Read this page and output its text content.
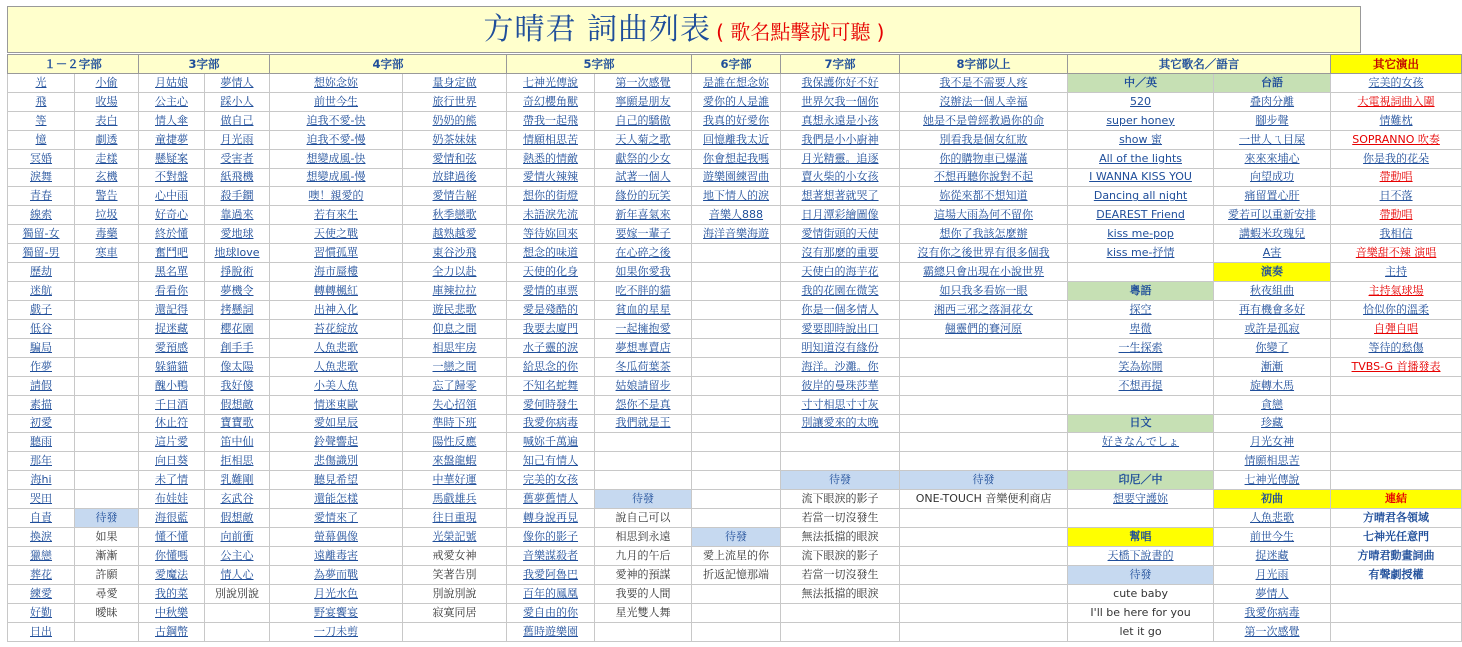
方晴君 詞曲列表 ( 歌名點擊就可聽 )
１－２字部		3字部		4字部		5字部		6字部	7字部	8字部以上	其它歌名／語言		其它演出
光	小偷	月姑娘	夢情人	想妳念妳	量身定做	七神光傳說	第一次感覺	是誰在想念妳	我保護你好不好	我不是不需要人疼	中／英	台語	完美的女孩
飛	收場	公主心	踩小人	前世今生	旅行世界	奇幻櫻角獸	寧願是朋友	愛你的人是誰	世界欠我一個你	沒辦法一個人幸福	520	叠肉分離	大電視詞曲入圍
等	表白	情人傘	做自己	迫我不愛-快	奶奶的熊	帶我一起飛	自己的驕傲	我真的好愛你	真想永遠是小孩	她是不是曾經教過你的命	super honey	腳步聲	情難枕
憶	劇透	童捷夢	月光雨	迫我不愛-慢	奶茶妹妹	情願相思苦	天人菊之歌	回憶離我太近	我們是小小廚神	別看我是個女紅妝	show 蜜	一世人ㄟ目屎	SOPRANNO 吹奏
冥婚	走樣	懸疑案	受害者	想變成風-快	愛情和弦	熱悉的情敵	獻祭的少女	你會想起我嗎	月光精靈。追逐	你的購物車已爆滿	All of the lights	來來來埔心	你是我的花朵
淚舞	玄機	不對盤	紙飛機	想變成風-慢	放肆過後	愛情火辣辣	試著一個人	遊樂園練習曲	賣火柴的小女孩	不想再聽你說對不起	I WANNA KISS YOU	向望成功	帶動唱
青春	警告	心中雨	殺手鐧	噢！親愛的	愛情告解	想你的街燈	緣份的玩笑	地下情人的淚	想著想著就哭了	妳從來都不想知道	Dancing all night	痛留置心肝	日不落
線索	垃圾	好奇心	靠過來	若有來生	秋季戀歌	未語淚先流	新年喜氣來	音樂人888	日月潭彩繪圖像	這場大雨為何不留你	DEAREST Friend	愛若可以重新安排	帶動唱
獨留-女	毒藥	終於懂	愛地球	天使之戰	越熟越愛	等待妳回來	要嫁一輩子	海洋音樂海遊	愛情街頭的天使	想你了我該怎麼辦	kiss me-pop	講蝦米玫瑰兒	我相信
獨留-男	寒車	奮鬥吧	地球love	習慣孤單	東谷沙飛	想念的味道	在心碎之後		沒有那麼的重要	沒有你之後世界有很多個我	kiss me-抒情	A害	音樂甜不辣 演唱
歷劫		黑名單	掙脫術	海市蜃樓	全力以赴	天使的化身	如果你愛我		天使白的海芋花	霸總只會出現在小說世界		演奏	主持
迷航		看看你	夢機令	轉轉楓紅	庫辣拉拉	愛情的車票	吃不胖的貓		我的花園在微笑	如只我多看妳一眼	粵語	秋夜組曲	主持氣球場
戲子		還記得	拷懸詞	出神入化	遊民悲歌	愛是殘酷的	貧血的星星		你是一個多情人	湘西三邪之落洞花女	探空	再有機會多好	恰似你的溫柔
低谷		捉迷藏	櫻花園	苔花綻放	仰息之間	我要去廈門	一起擁抱愛		愛要即時說出口	翹靈們的賽河原	卑微	或許是孤寂	自彈自唱
騙局		愛預感	創手手	人魚悲歌	相思牢房	水子靈的淚	夢想專賣店		明知道沒有緣份		一生探索	你變了	等待的愁傷
作夢		躲貓貓	像太陽	人魚悲歌	一戀之間	給思念的你	冬瓜荷葉茶		海洋。沙灘。你		笑為妳開	漸漸	TVBS-G 首播發表
請假		醜小鴨	我好傻	小美人魚	忘了歸零	不知名蛇舞	姑娘請留步		彼岸的曼珠莎華		不想再提	旋轉木馬	
素描		千日酒	假想敵	情迷東歐	失心招領	愛何時發生	怨你不是真		寸寸相思寸寸灰			貪戀	
初愛		休止符	寶寶歌	愛如星辰	準時下班	我愛你病毒	我們就是王		別讓愛來的太晚		日文	珍藏	
聽雨		這片愛	笛中仙	鈴聲響起	陽性反應	喊妳千萬遍					好きなんでしょ	月光女神	
那年		向日葵	拒相思	悲傷識別	來盤龍蝦	知己有情人						情願相思苦	
海hi		未了情	乳難剛	聽見希望	中華好運	完美的女孩			待發	待發	印尼／中	七神光傳說	
哭田		布娃娃	玄武谷	還能怎樣	馬戲雄兵	舊夢舊情人	待發		流下眼淚的影子	ONE-TOUCH 音樂便利商店	想要守護妳	初曲	連結
自責	待發	海很藍	假想敵	愛情來了	往日重現	轉身說再見	說自己可以		若當一切沒發生			人魚悲歌	方晴君各領域
換淚	如果	懂不懂	向前衝	螢幕偶像	光榮記號	像你的影子	相思到永遠	待發	無法抵擋的眼淚		幫唱	前世今生	七神光任意門
獵戀	漸漸	你懂嗎	公主心	遠離毒害	戒愛女神	音樂謀殺者	九月的午后	愛上流星的你	流下眼淚的影子		天橋下說書的	捉迷藏	方晴君動畫詞曲
葬花	許願	愛魔法	情人心	為夢而戰	笑著告別	我愛阿魯巴	愛神的預謀	折返記憶那端	若當一切沒發生		待發	月光雨	有聲劇授權
練愛	尋愛	我的菜	別說別說	月光水色	別說別說	百年的鳳凰	我要的人間		無法抵擋的眼淚		cute baby	夢情人	
好勤	曖昧	中秋樂		野宴饗宴	寂寞同居	愛自由的你	星光雙人舞				I'll be here for you	我愛你病毒	
日出		古鋼幣		一刀未剪		舊時遊樂園					let it go	第一次感覺	
